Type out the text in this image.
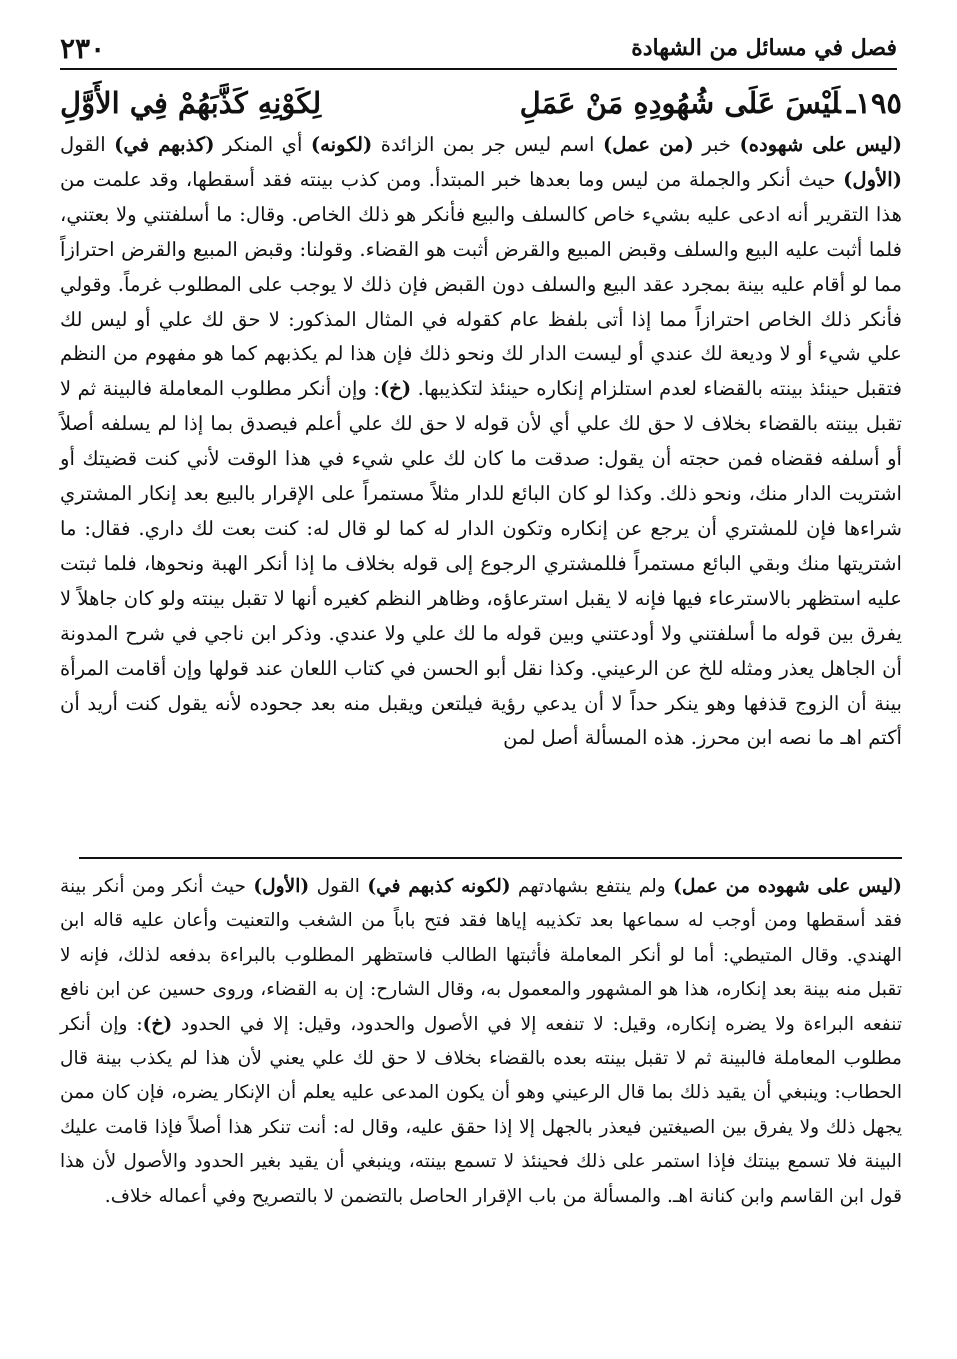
فصل في مسائل من الشهادة
٢٣٠
١٩٥ـلَيْسَ عَلَى شُهُودِهِ مَنْ عَمَلِ
لِكَوْنِهِ كَذَّبَهُمْ فِي الأَوَّلِ

(ليس على شهوده) خبر (من عمل) اسم ليس جر بمن الزائدة (لكونه) أي المنكر (كذبهم في) القول (الأول) حيث أنكر والجملة من ليس وما بعدها خبر المبتدأ. ومن كذب بينته فقد أسقطها، وقد علمت من هذا التقرير أنه ادعى عليه بشيء خاص كالسلف والبيع فأنكر هو ذلك الخاص. وقال: ما أسلفتني ولا بعتني، فلما أثبت عليه البيع والسلف وقبض المبيع والقرض أثبت هو القضاء. وقولنا: وقبض المبيع والقرض احترازاً مما لو أقام عليه بينة بمجرد عقد البيع والسلف دون القبض فإن ذلك لا يوجب على المطلوب غرماً. وقولي فأنكر ذلك الخاص احترازاً مما إذا أتى بلفظ عام كقوله في المثال المذكور: لا حق لك علي أو ليس لك علي شيء أو لا وديعة لك عندي أو ليست الدار لك ونحو ذلك فإن هذا لم يكذبهم كما هو مفهوم من النظم فتقبل حينئذ بينته بالقضاء لعدم استلزام إنكاره حينئذ لتكذيبها. (خ): وإن أنكر مطلوب المعاملة فالبينة ثم لا تقبل بينته بالقضاء بخلاف لا حق لك علي أي لأن قوله لا حق لك علي أعلم فيصدق بما إذا لم يسلفه أصلاً أو أسلفه فقضاه فمن حجته أن يقول: صدقت ما كان لك علي شيء في هذا الوقت لأني كنت قضيتك أو اشتريت الدار منك، ونحو ذلك. وكذا لو كان البائع للدار مثلاً مستمراً على الإقرار بالبيع بعد إنكار المشتري شراءها فإن للمشتري أن يرجع عن إنكاره وتكون الدار له كما لو قال له: كنت بعت لك داري. فقال: ما اشتريتها منك وبقي البائع مستمراً فللمشتري الرجوع إلى قوله بخلاف ما إذا أنكر الهبة ونحوها، فلما ثبتت عليه استظهر بالاسترعاء فيها فإنه لا يقبل استرعاؤه، وظاهر النظم كغيره أنها لا تقبل بينته ولو كان جاهلاً لا يفرق بين قوله ما أسلفتني ولا أودعتني وبين قوله ما لك علي ولا عندي. وذكر ابن ناجي في شرح المدونة أن الجاهل يعذر ومثله للخ عن الرعيني. وكذا نقل أبو الحسن في كتاب اللعان عند قولها وإن أقامت المرأة بينة أن الزوج قذفها وهو ينكر حداً لا أن يدعي رؤية فيلتعن ويقبل منه بعد جحوده لأنه يقول كنت أريد أن أكتم اهـ ما نصه ابن محرز. هذه المسألة أصل لمن

(ليس على شهوده من عمل) ولم ينتفع بشهادتهم (لكونه كذبهم في) القول (الأول) حيث أنكر ومن أنكر بينة فقد أسقطها ومن أوجب له سماعها بعد تكذيبه إياها فقد فتح باباً من الشغب والتعنيت وأعان عليه قاله ابن الهندي. وقال المتيطي: أما لو أنكر المعاملة فأثبتها الطالب فاستظهر المطلوب بالبراءة بدفعه لذلك، فإنه لا تقبل منه بينة بعد إنكاره، هذا هو المشهور والمعمول به، وقال الشارح: إن به القضاء، وروى حسين عن ابن نافع تنفعه البراءة ولا يضره إنكاره، وقيل: لا تنفعه إلا في الأصول والحدود، وقيل: إلا في الحدود (خ): وإن أنكر مطلوب المعاملة فالبينة ثم لا تقبل بينته بعده بالقضاء بخلاف لا حق لك علي يعني لأن هذا لم يكذب بينة قال الحطاب: وينبغي أن يقيد ذلك بما قال الرعيني وهو أن يكون المدعى عليه يعلم أن الإنكار يضره، فإن كان ممن يجهل ذلك ولا يفرق بين الصيغتين فيعذر بالجهل إلا إذا حقق عليه، وقال له: أنت تنكر هذا أصلاً فإذا قامت عليك البينة فلا تسمع بينتك فإذا استمر على ذلك فحينئذ لا تسمع بينته، وينبغي أن يقيد بغير الحدود والأصول لأن هذا قول ابن القاسم وابن كنانة اهـ. والمسألة من باب الإقرار الحاصل بالتضمن لا بالتصريح وفي أعماله خلاف.
